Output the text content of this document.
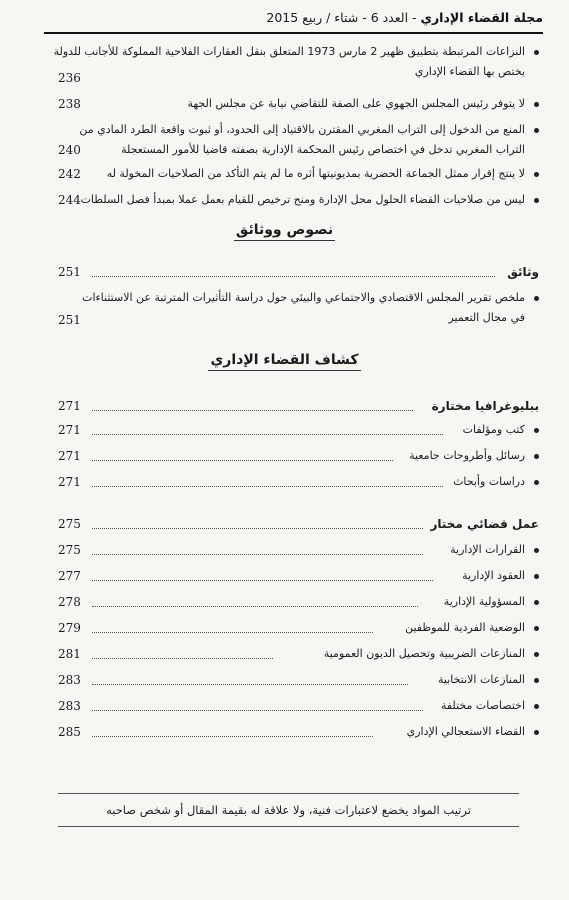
مجلة القضاء الإداري - العدد 6 - شتاء / ربيع 2015
النزاعات المرتبطة بتطبيق ظهير 2 مارس 1973 المتعلق بنقل العقارات الفلاحية المملوكة للأجانب للدولة
يختص بها القضاء الإداري
236
لا يتوفر رئيس المجلس الجهوي على الصفة للتقاضي نيابة عن مجلس الجهة
238
المنع من الدخول إلى التراب المغربي المقترن بالاقتياد إلى الحدود، أو ثبوت واقعة الطرد المادي من
التراب المغربي تدخل في اختصاص رئيس المحكمة الإدارية بصفته قاضيا للأمور المستعجلة
240
لا ينتج إقرار ممثل الجماعة الحضرية بمديونيتها أثره ما لم يتم التأكد من الصلاحيات المخولة له
242
ليس من صلاحيات القضاء الحلول محل الإدارة ومنح ترخيص للقيام بعمل عملا بمبدأ فصل السلطات
244
نصوص ووثائق
وثائق
251
ملخص تقرير المجلس الاقتصادي والاجتماعي والبيئي حول دراسة التأثيرات المترتبة عن الاستثناءات
في مجال التعمير
251
كشاف القضاء الإداري
ببليوغرافيا مختارة
271
كتب ومؤلفات
271
رسائل وأطروحات جامعية
271
دراسات وأبحاث
271
عمل قضائي مختار
275
القرارات الإدارية
275
العقود الإدارية
277
المسؤولية الإدارية
278
الوضعية الفردية للموظفين
279
المنازعات الضريبية وتحصيل الديون العمومية
281
المنازعات الانتخابية
283
اختصاصات مختلفة
283
القضاء الاستعجالي الإداري
285
ترتيب المواد يخضع لاعتبارات فنية، ولا علاقة له بقيمة المقال أو شخص صاحبه
